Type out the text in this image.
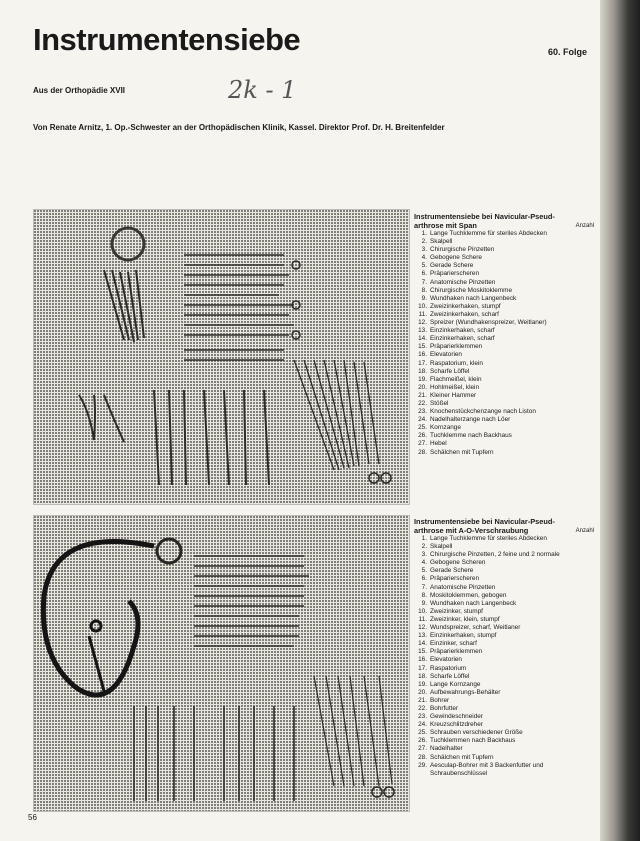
Instrumentensiebe	60. Folge
Aus der Orthopädie XVII	2k - 1
Von Renate Arnitz, 1. Op.-Schwester an der Orthopädischen Klinik, Kassel. Direktor Prof. Dr. H. Breitenfelder
Instrumentensiebe bei Navicular-Pseud-arthrose mit Span	Anzahl
1. Lange Tuchklemme für steriles Abdecken
2. Skalpell
3. Chirurgische Pinzetten
4. Gebogene Schere
5. Gerade Schere
6. Präparierscheren
7. Anatomische Pinzetten
8. Chirurgische Moskitoklemme
9. Wundhaken nach Langenbeck
10. Zweizinkerhaken, stumpf
11. Zweizinkerhaken, scharf
12. Spreizer (Wundhakenspreizer, Weitlaner)
13. Einzinkerhaken, scharf
14. Einzinkerhaken, scharf
15. Präparierklemmen
16. Elevatorien
17. Raspatorium, klein
18. Scharfe Löffel
19. Flachmeißel, klein
20. Hohlmeißel, klein
21. Kleiner Hammer
22. Stößel
23. Knochenstückchenzange nach Liston
24. Nadelhalterzange nach Löer
25. Kornzange
26. Tuchklemme nach Backhaus
27. Hebel
28. Schälchen mit Tupfern
Instrumentensiebe bei Navicular-Pseud-arthrose mit A-O-Verschraubung	Anzahl
1. Lange Tuchklemme für steriles Abdecken
2. Skalpell
3. Chirurgische Pinzetten, 2 feine und 2 normale
4. Gebogene Scheren
5. Gerade Schere
6. Präparierscheren
7. Anatomische Pinzetten
8. Moskitoklemmen, gebogen
9. Wundhaken nach Langenbeck
10. Zweizinker, stumpf
11. Zweizinker, klein, stumpf
12. Wundspreizer, scharf, Weitlaner
13. Einzinkerhaken, stumpf
14. Einzinker, scharf
15. Präparierklemmen
16. Elevatorien
17. Raspatorium
18. Scharfe Löffel
19. Lange Kornzange
20. Aufbewahrungs-Behälter
21. Bohrer
22. Bohrfutter
23. Gewindeschneider
24. Kreuzschlitzdreher
25. Schrauben verschiedener Größe
26. Tuchklemmen nach Backhaus
27. Nadelhalter
28. Schälchen mit Tupfern
29. Aesculap-Bohrer mit 3 Backenfutter und Schraubenschlüssel
56
